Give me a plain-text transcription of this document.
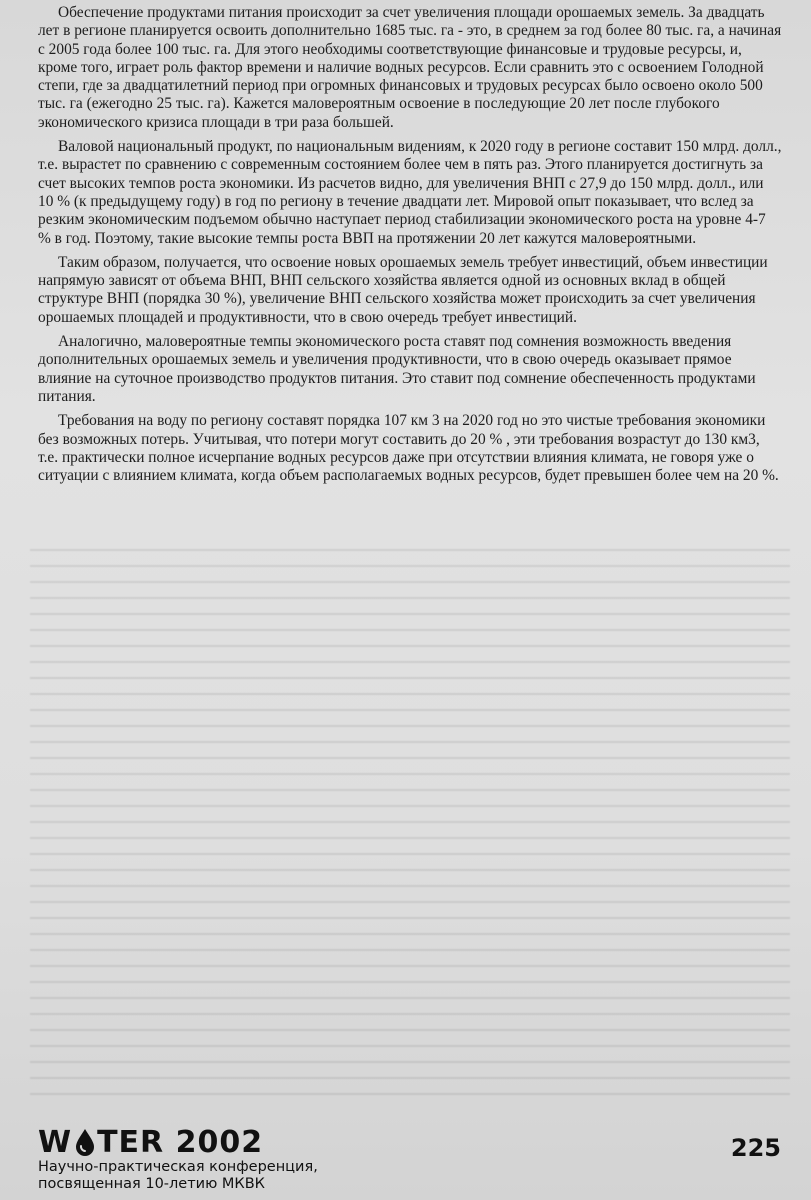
Обеспечение продуктами питания происходит за счет увеличения площади орошаемых земель. За двадцать лет в регионе планируется освоить дополнительно 1685 тыс. га - это, в среднем за год более 80 тыс. га, а начиная с 2005 года более 100 тыс. га. Для этого необходимы соответствующие финансовые и трудовые ресурсы, и, кроме того, играет роль фактор времени и наличие водных ресурсов. Если сравнить это с освоением Голодной степи, где за двадцатилетний период при огромных финансовых и трудовых ресурсах было освоено около 500 тыс. га (ежегодно 25 тыс. га). Кажется маловероятным освоение в последующие 20 лет после глубокого экономического кризиса площади в три раза большей.

Валовой национальный продукт, по национальным видениям, к 2020 году в регионе составит 150 млрд. долл., т.е. вырастет по сравнению с современным состоянием более чем в пять раз. Этого планируется достигнуть за счет высоких темпов роста экономики. Из расчетов видно, для увеличения ВНП с 27,9 до 150 млрд. долл., или 10 % (к предыдущему году) в год по региону в течение двадцати лет. Мировой опыт показывает, что вслед за резким экономическим подъемом обычно наступает период стабилизации экономического роста на уровне 4-7 % в год. Поэтому, такие высокие темпы роста ВВП на протяжении 20 лет кажутся маловероятными.

Таким образом, получается, что освоение новых орошаемых земель требует инвестиций, объем инвестиции напрямую зависят от объема ВНП, ВНП сельского хозяйства является одной из основных вклад в общей структуре ВНП (порядка 30 %), увеличение ВНП сельского хозяйства может происходить за счет увеличения орошаемых площадей и продуктивности, что в свою очередь требует инвестиций.

Аналогично, маловероятные темпы экономического роста ставят под сомнения возможность введения дополнительных орошаемых земель и увеличения продуктивности, что в свою очередь оказывает прямое влияние на суточное производство продуктов питания. Это ставит под сомнение обеспеченность продуктами питания.

Требования на воду по региону составят порядка 107 км 3 на 2020 год но это чистые требования экономики без возможных потерь. Учитывая, что потери могут составить до 20 % , эти требования возрастут до 130 км3, т.е. практически полное исчерпание водных ресурсов даже при отсутствии влияния климата, не говоря уже о ситуации с влиянием климата, когда объем располагаемых водных ресурсов, будет превышен более чем на 20 %.

W TER 2002
Научно-практическая конференция,
посвященная 10-летию МКВК
225
